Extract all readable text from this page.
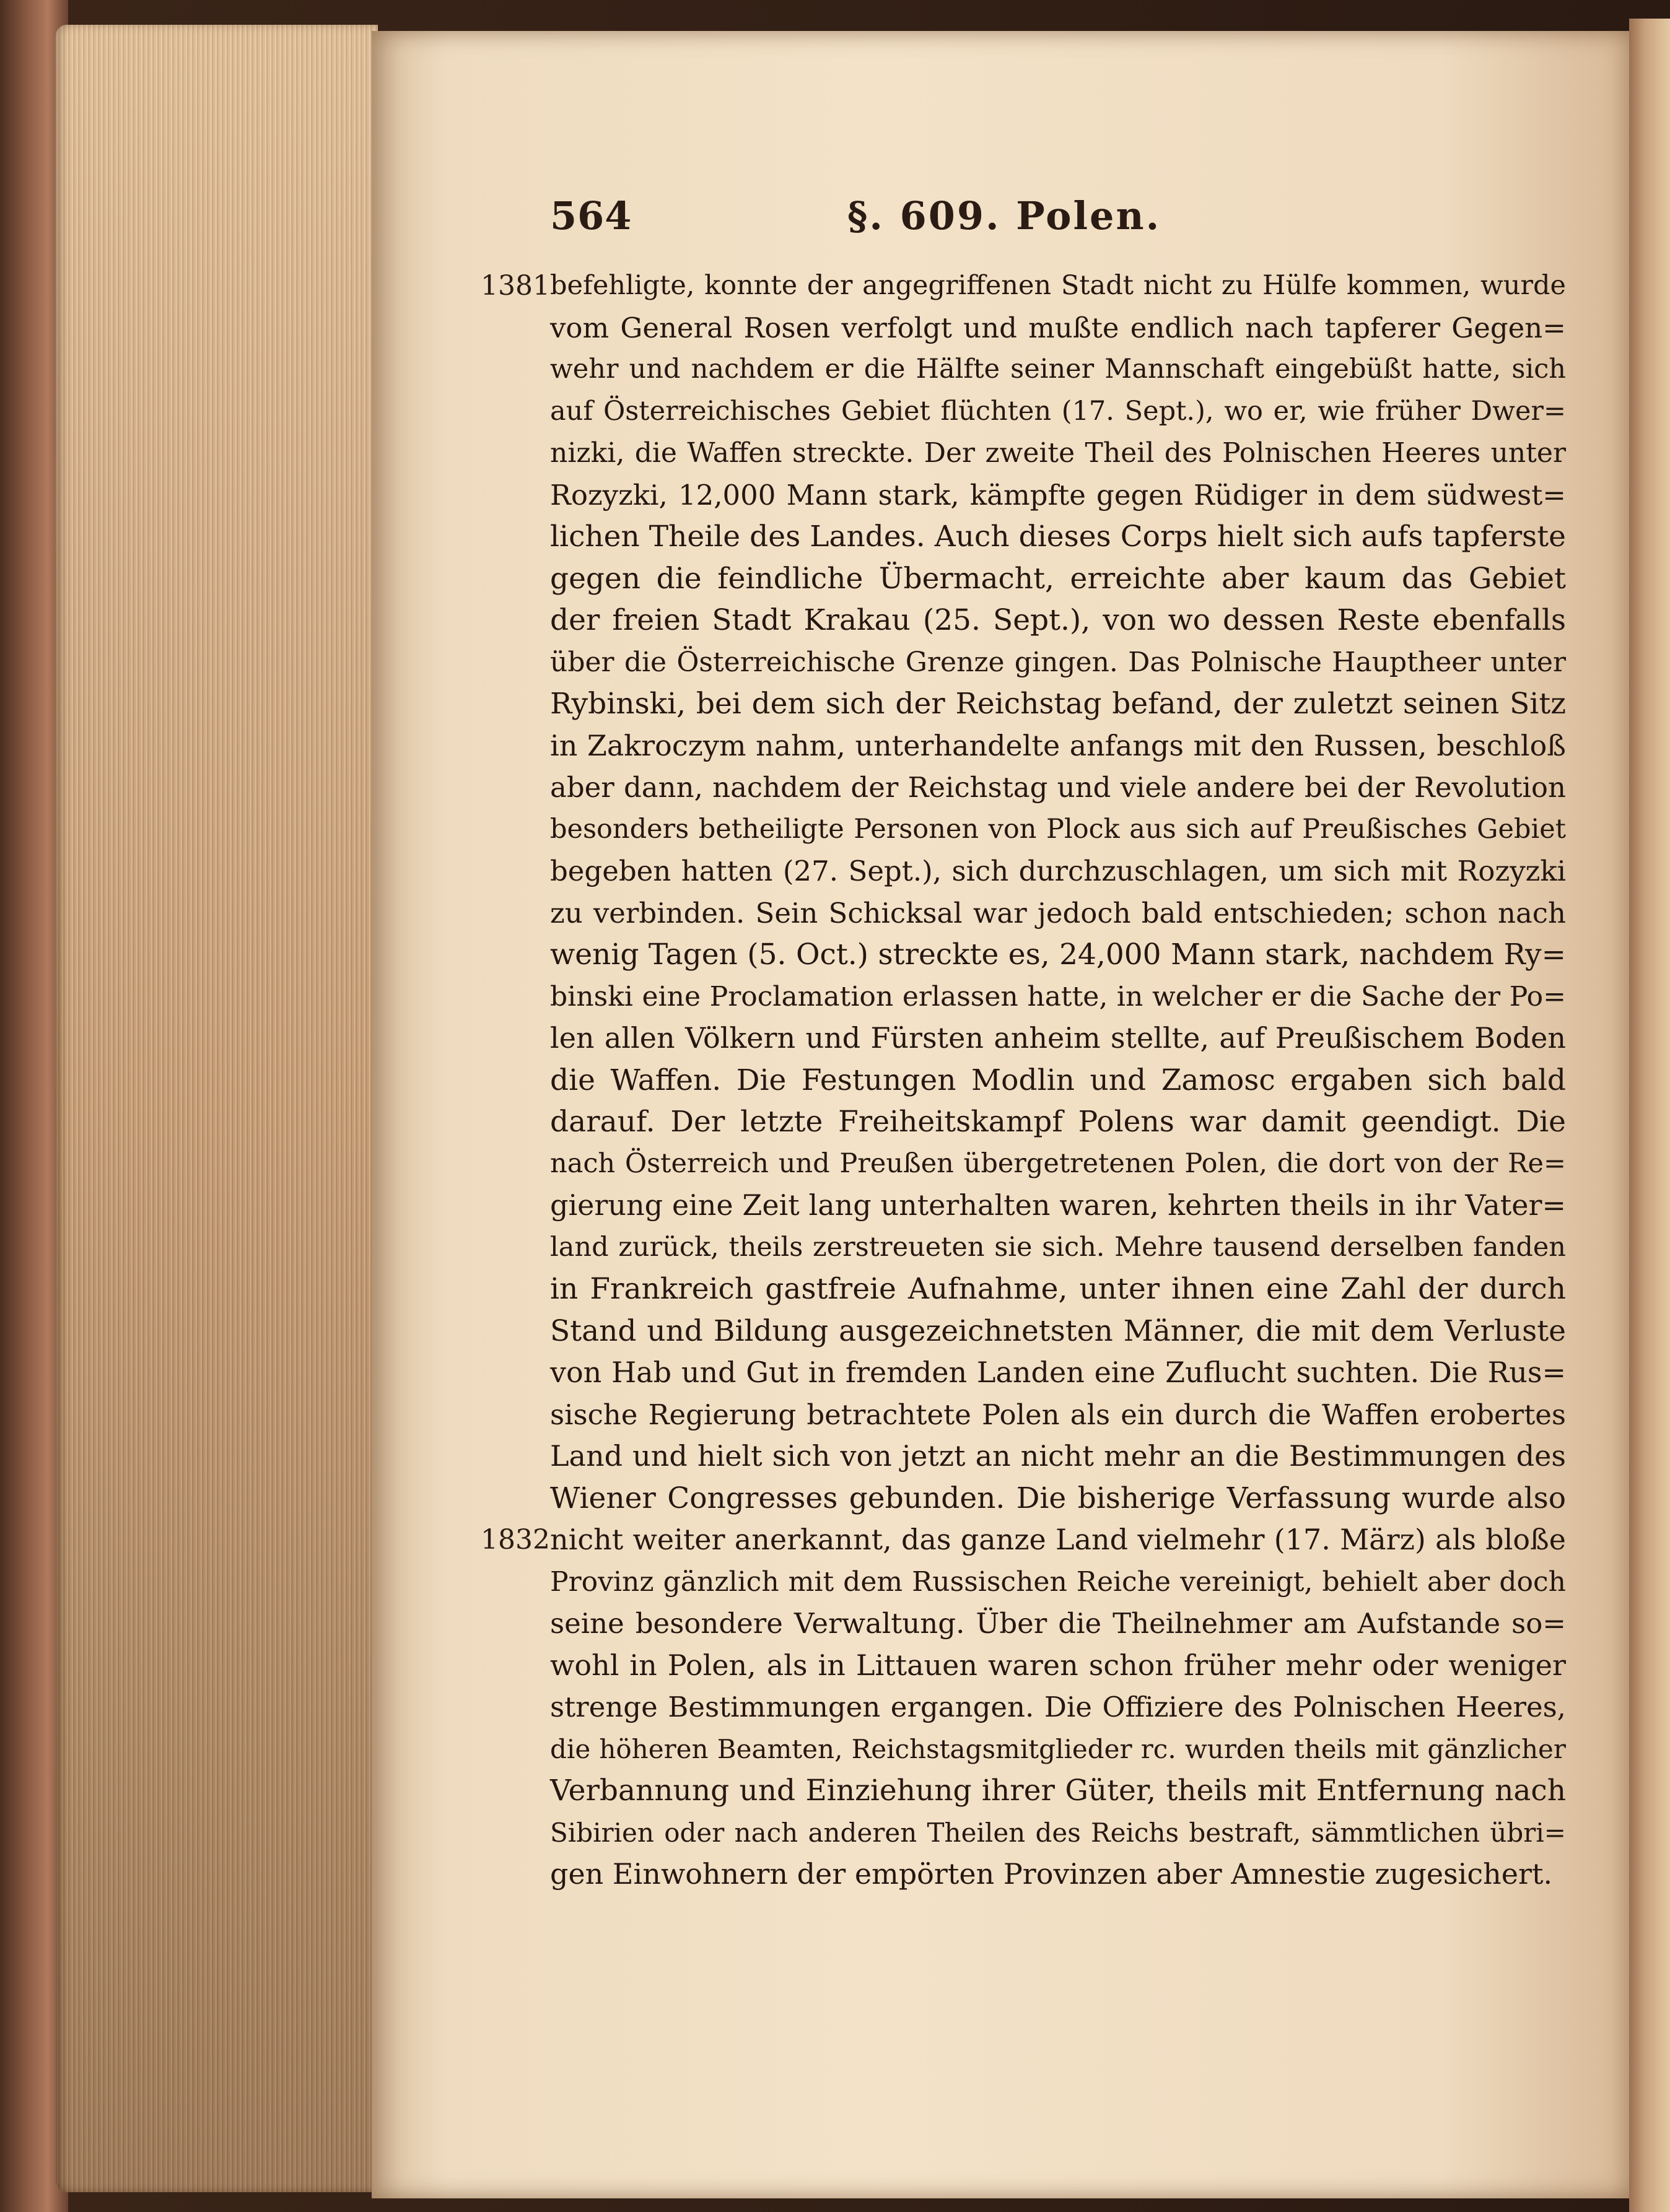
564	§. 609. Polen.
1381 befehligte, konnte der angegriffenen Stadt nicht zu Hülfe kommen, wurde
vom General Rosen verfolgt und mußte endlich nach tapferer Gegen=
wehr und nachdem er die Hälfte seiner Mannschaft eingebüßt hatte, sich
auf Österreichisches Gebiet flüchten (17. Sept.), wo er, wie früher Dwer=
nizki, die Waffen streckte. Der zweite Theil des Polnischen Heeres unter
Rozyzki, 12,000 Mann stark, kämpfte gegen Rüdiger in dem südwest=
lichen Theile des Landes. Auch dieses Corps hielt sich aufs tapferste
gegen die feindliche Übermacht, erreichte aber kaum das Gebiet
der freien Stadt Krakau (25. Sept.), von wo dessen Reste ebenfalls
über die Österreichische Grenze gingen. Das Polnische Hauptheer unter
Rybinski, bei dem sich der Reichstag befand, der zuletzt seinen Sitz
in Zakroczym nahm, unterhandelte anfangs mit den Russen, beschloß
aber dann, nachdem der Reichstag und viele andere bei der Revolution
besonders betheiligte Personen von Plock aus sich auf Preußisches Gebiet
begeben hatten (27. Sept.), sich durchzuschlagen, um sich mit Rozyzki
zu verbinden. Sein Schicksal war jedoch bald entschieden; schon nach
wenig Tagen (5. Oct.) streckte es, 24,000 Mann stark, nachdem Ry=
binski eine Proclamation erlassen hatte, in welcher er die Sache der Po=
len allen Völkern und Fürsten anheim stellte, auf Preußischem Boden
die Waffen. Die Festungen Modlin und Zamosc ergaben sich bald
darauf. Der letzte Freiheitskampf Polens war damit geendigt. Die
nach Österreich und Preußen übergetretenen Polen, die dort von der Re=
gierung eine Zeit lang unterhalten waren, kehrten theils in ihr Vater=
land zurück, theils zerstreueten sie sich. Mehre tausend derselben fanden
in Frankreich gastfreie Aufnahme, unter ihnen eine Zahl der durch
Stand und Bildung ausgezeichnetsten Männer, die mit dem Verluste
von Hab und Gut in fremden Landen eine Zuflucht suchten. Die Rus=
sische Regierung betrachtete Polen als ein durch die Waffen erobertes
Land und hielt sich von jetzt an nicht mehr an die Bestimmungen des
Wiener Congresses gebunden. Die bisherige Verfassung wurde also
1832 nicht weiter anerkannt, das ganze Land vielmehr (17. März) als bloße
Provinz gänzlich mit dem Russischen Reiche vereinigt, behielt aber doch
seine besondere Verwaltung. Über die Theilnehmer am Aufstande so=
wohl in Polen, als in Littauen waren schon früher mehr oder weniger
strenge Bestimmungen ergangen. Die Offiziere des Polnischen Heeres,
die höheren Beamten, Reichstagsmitglieder rc. wurden theils mit gänzlicher
Verbannung und Einziehung ihrer Güter, theils mit Entfernung nach
Sibirien oder nach anderen Theilen des Reichs bestraft, sämmtlichen übri=
gen Einwohnern der empörten Provinzen aber Amnestie zugesichert.
